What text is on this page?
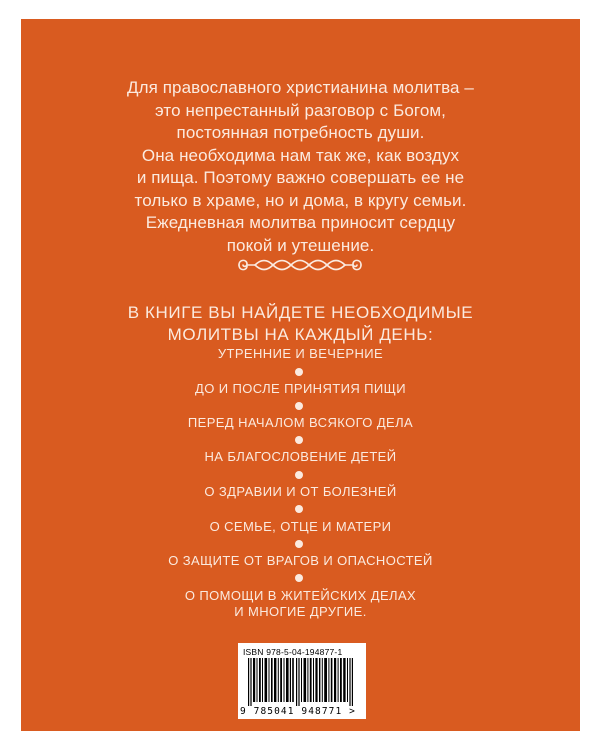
Для православного христианина молитва –
это непрестанный разговор с Богом,
постоянная потребность души.
Она необходима нам так же, как воздух
и пища. Поэтому важно совершать ее не
только в храме, но и дома, в кругу семьи.
Ежедневная молитва приносит сердцу
покой и утешение.
В КНИГЕ ВЫ НАЙДЕТЕ НЕОБХОДИМЫЕ
МОЛИТВЫ НА КАЖДЫЙ ДЕНЬ:
УТРЕННИЕ И ВЕЧЕРНИЕ
ДО И ПОСЛЕ ПРИНЯТИЯ ПИЩИ
ПЕРЕД НАЧАЛОМ ВСЯКОГО ДЕЛА
НА БЛАГОСЛОВЕНИЕ ДЕТЕЙ
О ЗДРАВИИ И ОТ БОЛЕЗНЕЙ
О СЕМЬЕ, ОТЦЕ И МАТЕРИ
О ЗАЩИТЕ ОТ ВРАГОВ И ОПАСНОСТЕЙ
О ПОМОЩИ В ЖИТЕЙСКИХ ДЕЛАХ
И МНОГИЕ ДРУГИЕ.
ISBN 978-5-04-194877-1
9 785041 948771 >
